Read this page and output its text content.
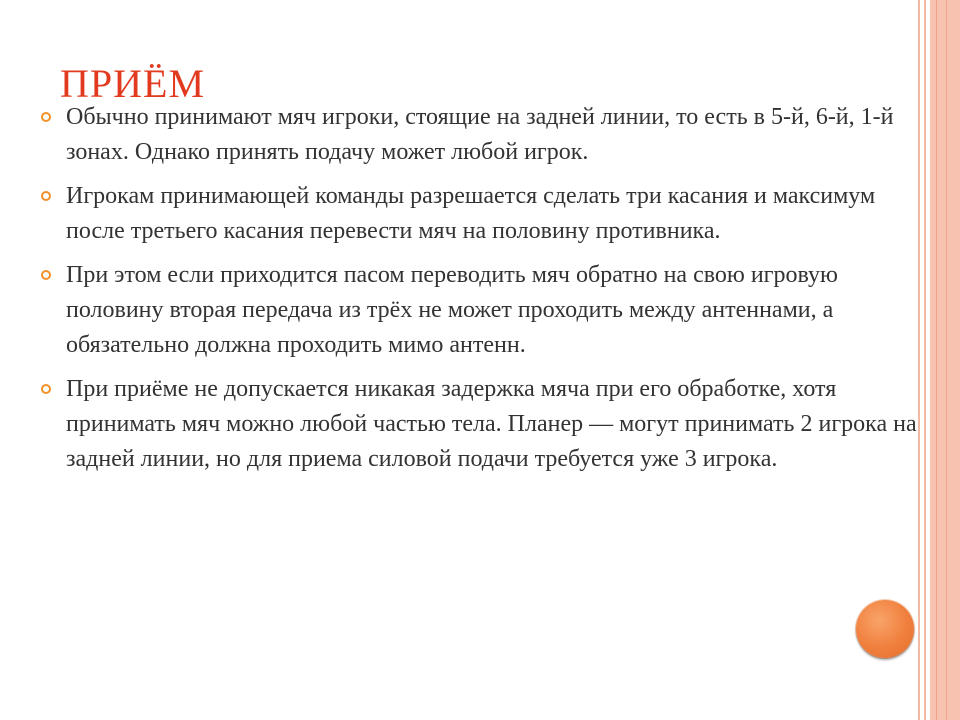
ПРИЁМ
Обычно принимают мяч игроки, стоящие на задней линии, то есть в 5-й, 6-й, 1-й зонах. Однако принять подачу может любой игрок.
Игрокам принимающей команды разрешается сделать три касания и максимум после третьего касания перевести мяч на половину противника.
При этом если приходится пасом переводить мяч обратно на свою игровую половину вторая передача из трёх не может проходить между антеннами, а обязательно должна проходить мимо антенн.
При приёме не допускается никакая задержка мяча при его обработке, хотя принимать мяч можно любой частью тела. Планер — могут принимать 2 игрока на задней линии, но для приема силовой подачи требуется уже 3 игрока.
